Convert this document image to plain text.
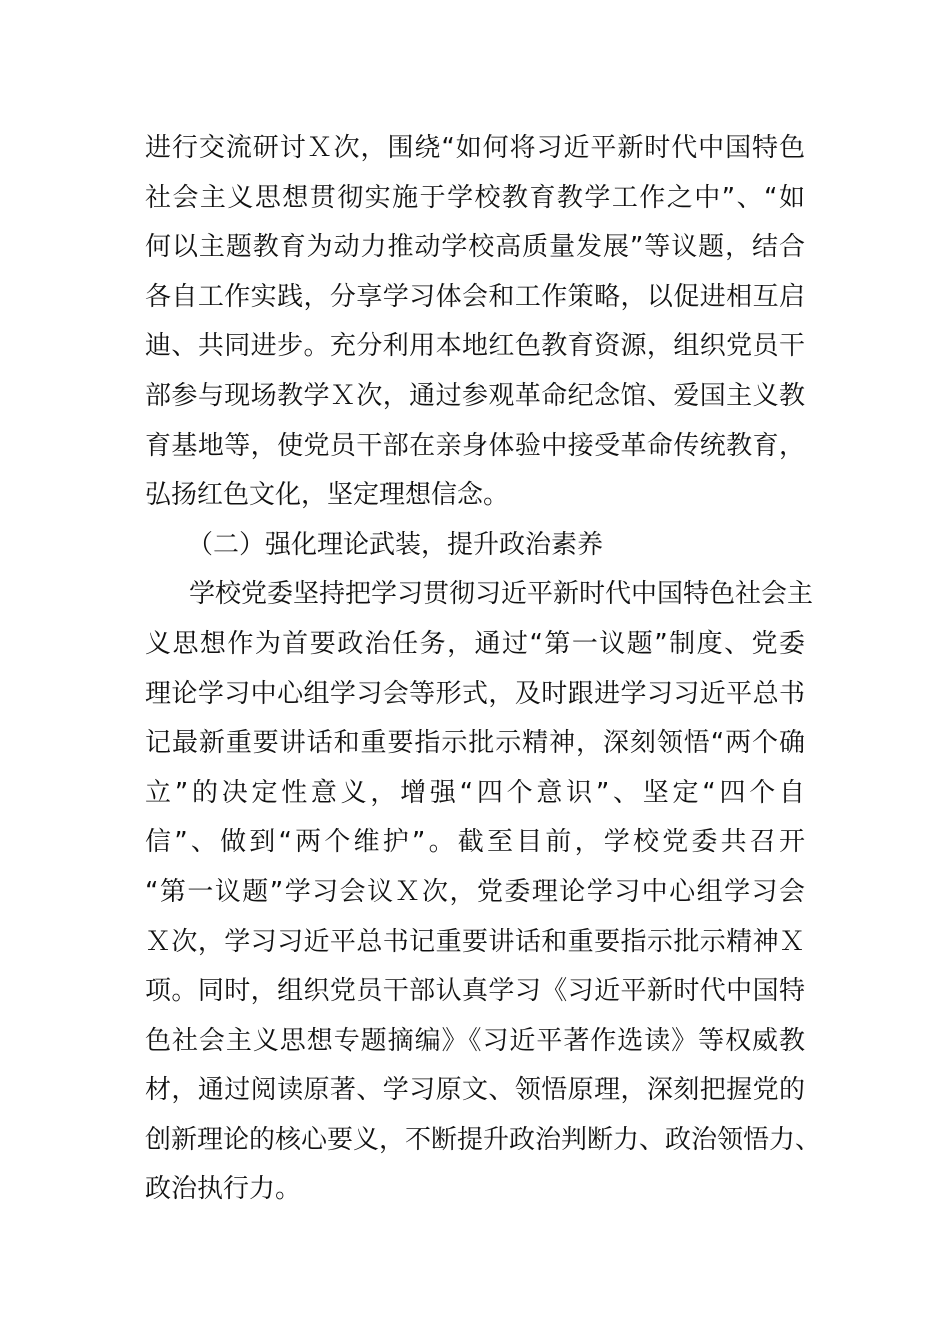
进行交流研讨Ｘ次，围绕“如何将习近平新时代中国特色
社会主义思想贯彻实施于学校教育教学工作之中”、“如
何以主题教育为动力推动学校高质量发展”等议题，结合
各自工作实践，分享学习体会和工作策略，以促进相互启
迪、共同进步。充分利用本地红色教育资源，组织党员干
部参与现场教学Ｘ次，通过参观革命纪念馆、爱国主义教
育基地等，使党员干部在亲身体验中接受革命传统教育，
弘扬红色文化，坚定理想信念。
（二）强化理论武装，提升政治素养
学校党委坚持把学习贯彻习近平新时代中国特色社会主
义思想作为首要政治任务，通过“第一议题”制度、党委
理论学习中心组学习会等形式，及时跟进学习习近平总书
记最新重要讲话和重要指示批示精神，深刻领悟“两个确
立”的决定性意义，增强“四个意识”、坚定“四个自
信”、做到“两个维护”。截至目前，学校党委共召开
“第一议题”学习会议Ｘ次，党委理论学习中心组学习会
Ｘ次，学习习近平总书记重要讲话和重要指示批示精神Ｘ
项。同时，组织党员干部认真学习《习近平新时代中国特
色社会主义思想专题摘编》《习近平著作选读》等权威教
材，通过阅读原著、学习原文、领悟原理，深刻把握党的
创新理论的核心要义，不断提升政治判断力、政治领悟力、
政治执行力。
